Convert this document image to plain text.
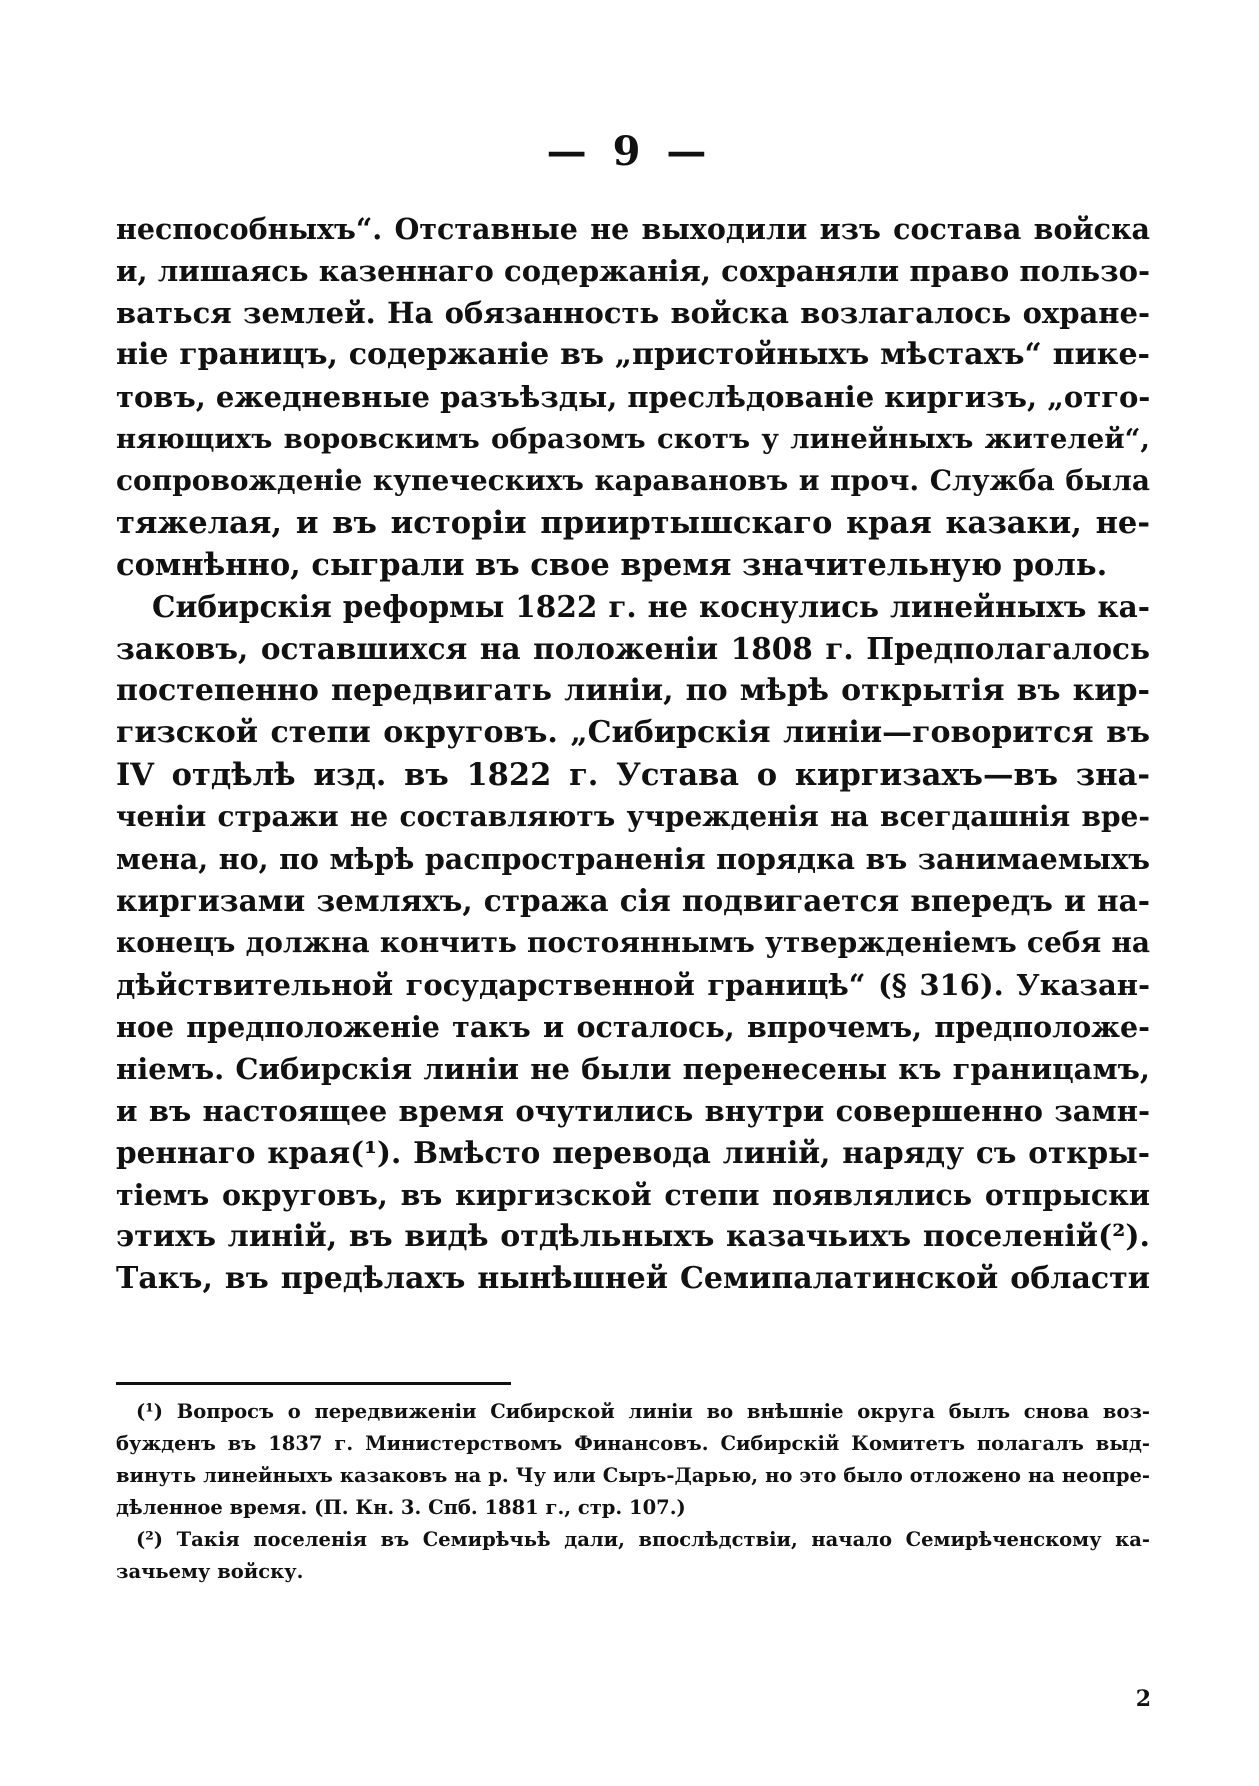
— 9 —

неспособныхъ“. Отставные не выходили изъ состава войска
и, лишаясь казеннаго содержанія, сохраняли право пользо-
ваться землей. На обязанность войска возлагалось охране-
ніе границъ, содержаніе въ „пристойныхъ мѣстахъ“ пике-
товъ, ежедневные разъѣзды, преслѣдованіе киргизъ, „отго-
няющихъ воровскимъ образомъ скотъ у линейныхъ жителей“,
сопровожденіе купеческихъ каравановъ и проч. Служба была
тяжелая, и въ исторіи прииртышскаго края казаки, не-
сомнѣнно, сыграли въ свое время значительную роль.
Сибирскія реформы 1822 г. не коснулись линейныхъ ка-
заковъ, оставшихся на положеніи 1808 г. Предполагалось
постепенно передвигать линіи, по мѣрѣ открытія въ кир-
гизской степи округовъ. „Сибирскія линіи—говорится въ
IV отдѣлѣ изд. въ 1822 г. Устава о киргизахъ—въ зна-
ченіи стражи не составляютъ учрежденія на всегдашнія вре-
мена, но, по мѣрѣ распространенія порядка въ занимаемыхъ
киргизами земляхъ, стража сія подвигается впередъ и на-
конецъ должна кончить постояннымъ утвержденіемъ себя на
дѣйствительной государственной границѣ“ (§ 316). Указан-
ное предположеніе такъ и осталось, впрочемъ, предположе-
ніемъ. Сибирскія линіи не были перенесены къ границамъ,
и въ настоящее время очутились внутри совершенно замн-
реннаго края(¹). Вмѣсто перевода линій, наряду съ откры-
тіемъ округовъ, въ киргизской степи появлялись отпрыски
этихъ линій, въ видѣ отдѣльныхъ казачьихъ поселеній(²).
Такъ, въ предѣлахъ нынѣшней Семипалатинской области
(¹) Вопросъ о передвиженіи Сибирской линіи во внѣшніе округа былъ снова воз-
бужденъ въ 1837 г. Министерствомъ Финансовъ. Сибирскій Комитетъ полагалъ выд-
винуть линейныхъ казаковъ на р. Чу или Сыръ-Дарью, но это было отложено на неопре-
дѣленное время. (П. Кн. 3. Спб. 1881 г., стр. 107.)
(²) Такія поселенія въ Семирѣчьѣ дали, впослѣдствіи, начало Семирѣченскому ка-
зачьему войску.

2
